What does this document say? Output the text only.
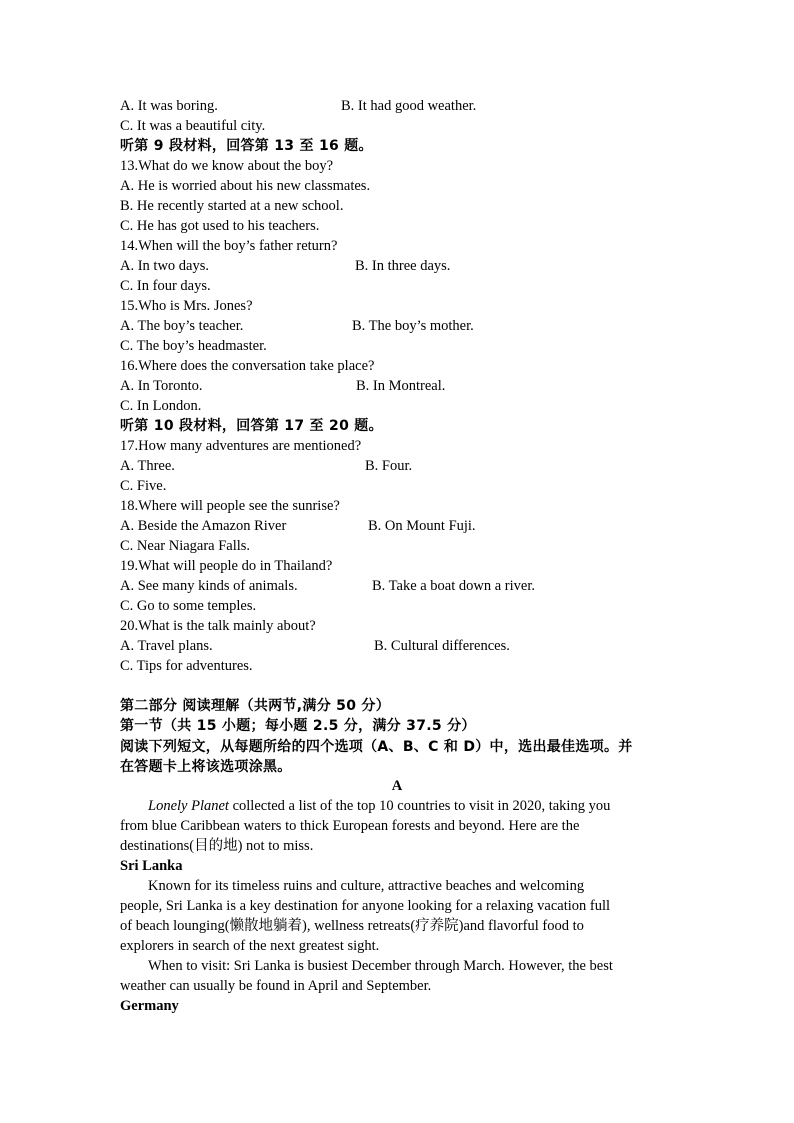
A. It was boring.	B. It had good weather.
C. It was a beautiful city.
听第 9 段材料，回答第 13 至 16 题。
13.What do we know about the boy?
A. He is worried about his new classmates.
B. He recently started at a new school.
C. He has got used to his teachers.
14.When will the boy’s father return?
A. In two days.	B. In three days.
C. In four days.
15.Who is Mrs. Jones?
A. The boy’s teacher.	B. The boy’s mother.
C. The boy’s headmaster.
16.Where does the conversation take place?
A. In Toronto.	B. In Montreal.
C. In London.
听第 10 段材料，回答第 17 至 20 题。
17.How many adventures are mentioned?
A. Three.	B. Four.
C. Five.
18.Where will people see the sunrise?
A. Beside the Amazon River	B. On Mount Fuji.
C. Near Niagara Falls.
19.What will people do in Thailand?
A. See many kinds of animals.	B. Take a boat down a river.
C. Go to some temples.
20.What is the talk mainly about?
A. Travel plans.	B. Cultural differences.
C. Tips for adventures.
第二部分 阅读理解（共两节,满分 50 分）
第一节（共 15 小题；每小题 2.5 分，满分 37.5 分）
阅读下列短文，从每题所给的四个选项（A、B、C 和 D）中，选出最佳选项。并
在答题卡上将该选项涂黑。
A
Lonely Planet collected a list of the top 10 countries to visit in 2020, taking you
from blue Caribbean waters to thick European forests and beyond. Here are the
destinations(目的地) not to miss.
Sri Lanka
Known for its timeless ruins and culture, attractive beaches and welcoming
people, Sri Lanka is a key destination for anyone looking for a relaxing vacation full
of beach lounging(懒散地躺着), wellness retreats(疗养院)and flavorful food to
explorers in search of the next greatest sight.
When to visit: Sri Lanka is busiest December through March. However, the best
weather can usually be found in April and September.
Germany
